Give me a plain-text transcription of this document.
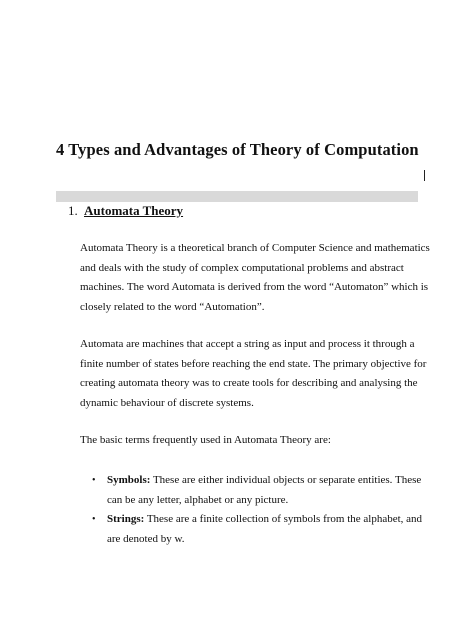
4 Types and Advantages of Theory of Computation
1. Automata Theory

Automata Theory is a theoretical branch of Computer Science and mathematics
and deals with the study of complex computational problems and abstract
machines. The word Automata is derived from the word “Automaton” which is
closely related to the word “Automation”.

Automata are machines that accept a string as input and process it through a
finite number of states before reaching the end state. The primary objective for
creating automata theory was to create tools for describing and analysing the
dynamic behaviour of discrete systems.

The basic terms frequently used in Automata Theory are:

• Symbols: These are either individual objects or separate entities. These
can be any letter, alphabet or any picture.
• Strings: These are a finite collection of symbols from the alphabet, and
are denoted by w.
